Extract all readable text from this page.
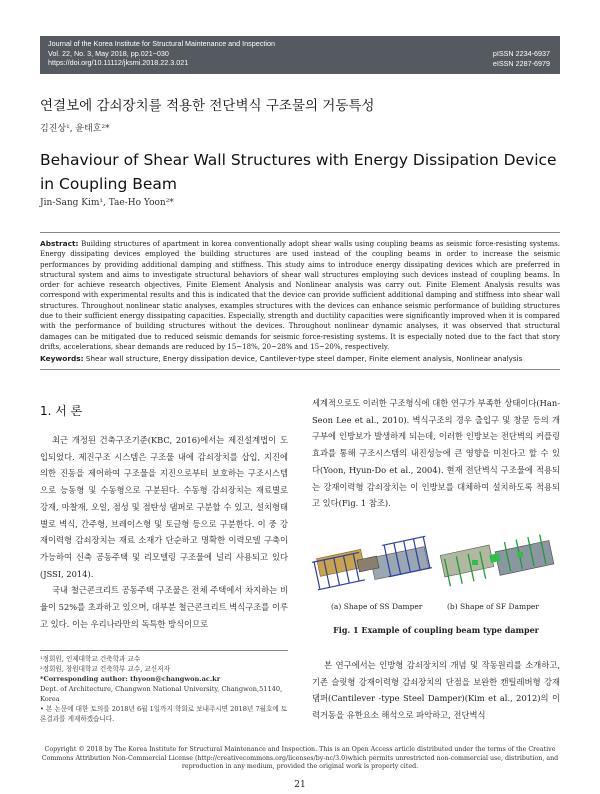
Journal of the Korea Institute for Structural Maintenance and Inspection
Vol. 22, No. 3, May 2018, pp.021~030
https://doi.org/10.11112/jksmi.2018.22.3.021
pISSN 2234-6937
eISSN 2287-6979
연결보에 감쇠장치를 적용한 전단벽식 구조물의 거동특성
김진상¹, 윤태호²*
Behaviour of Shear Wall Structures with Energy Dissipation Device in Coupling Beam
Jin-Sang Kim¹, Tae-Ho Yoon²*

Abstract: Building structures of apartment in korea conventionally adopt shear walls using coupling beams as seismic force-resisting systems. Energy dissipating devices employed the building structures are used instead of the coupling beams in order to increase the seismic performances by providing additional damping and stiffness. This study aims to introduce energy dissipating devices which are preferred in structural system and aims to investigate structural behaviors of shear wall structures employing such devices instead of coupling beams. In order for achieve research objectives, Finite Element Analysis and Nonlinear analysis was carry out. Finite Element Analysis results was correspond with experimental results and this is indicated that the device can provide sufficient additional damping and stiffness into shear wall structures. Throughout nonlinear static analyses, examples structures with the devices can enhance seismic performance of building structures due to their sufficient energy dissipating capacities. Especially, strength and ductility capacities were significantly improved when it is compared with the performance of building structures without the devices. Throughout nonlinear dynamic analyses, it was observed that structural damages can be mitigated due to reduced seismic demands for seismic force-resisting systems. It is especially noted due to the fact that story drifts, accelerations, shear demands are reduced by 15~18%, 20~28% and 15~20%, respectively.

Keywords: Shear wall structure, Energy dissipation device, Cantilever-type steel damper, Finite element analysis, Nonlinear analysis

1. 서 론

최근 개정된 건축구조기준(KBC, 2016)에서는 제진설계법이 도입되었다. 제진구조 시스템은 구조물 내에 감쇠장치를 삽입, 지진에 의한 진동을 제어하여 구조물을 지진으로부터 보호하는 구조시스템으로 능동형 및 수동형으로 구분된다. 수동형 감쇠장치는 재료별로 강재, 마찰재, 오일, 점성 및 점탄성 댐퍼로 구분할 수 있고, 설치형태별로 벽식, 간주형, 브레이스형 및 토글형 등으로 구분한다. 이 중 강재이력형 감쇠장치는 재료 소재가 단순하고 명확한 이력모델 구축이 가능하여 신축 공동주택 및 리모델링 구조물에 널리 사용되고 있다(JSSI, 2014).

국내 철근콘크리트 공동주택 구조물은 전체 주택에서 차지하는 비율이 52%를 초과하고 있으며, 대부분 철근콘크리트 벽식구조를 이루고 있다. 이는 우리나라만의 독특한 방식이므로

세계적으로도 이러한 구조형식에 대한 연구가 부족한 상태이다(Han-Seon Lee et al., 2010). 벽식구조의 경우 출입구 및 창문 등의 개구부에 인방보가 발생하게 되는데, 이러한 인방보는 전단벽의 커플링효과를 통해 구조시스템의 내진성능에 큰 영향을 미친다고 할 수 있다(Yoon, Hyun-Do et al., 2004). 현재 전단벽식 구조물에 적용되는 강재이력형 감쇠장치는 이 인방보를 대체하여 설치하도록 적용되고 있다(Fig. 1 참조).

(a) Shape of SS Damper	(b) Shape of SF Damper
Fig. 1 Example of coupling beam type damper

본 연구에서는 인방형 감쇠장치의 개념 및 작동원리를 소개하고, 기존 슬릿형 강재이력형 감쇠장치의 단점을 보완한 캔틸레버형 강재댐퍼(Cantilever -type Steel Damper)(Kim et al., 2012)의 이력거동을 유한요소 해석으로 파악하고, 전단벽식

¹정회원, 인제대학교 건축학과 교수
²정회원, 창원대학교 건축학부 교수, 교신저자
*Corresponding author: thyoon@changwon.ac.kr
Dept. of Architecture, Changwon National University, Changwon,51140, Korea
• 본 논문에 대한 토의를 2018년 6월 1일까지 학회로 보내주시면 2018년 7월호에 토론결과를 게재하겠습니다.
Copyright © 2018 by The Korea Institute for Structural Maintenance and Inspection. This is an Open Access article distributed under the terms of the Creative Commons Attribution Non-Commercial License (http://creativecommons.org/licenses/by-nc/3.0)which permits unrestricted non-commercial use, distribution, and reproduction in any medium, provided the original work is properly cited.
21
